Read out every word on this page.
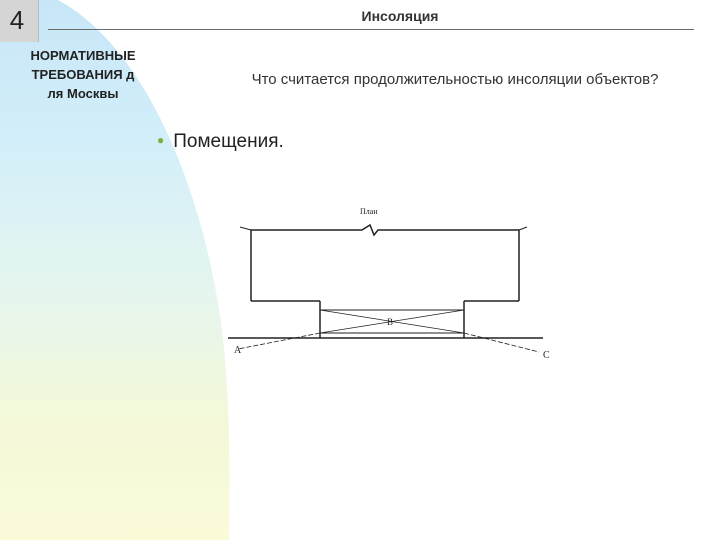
4	Инсоляция
НОРМАТИВНЫЕ ТРЕБОВАНИЯ для Москвы
Что считается продолжительностью инсоляции объектов?
● Помещения.
План
B
A	C
